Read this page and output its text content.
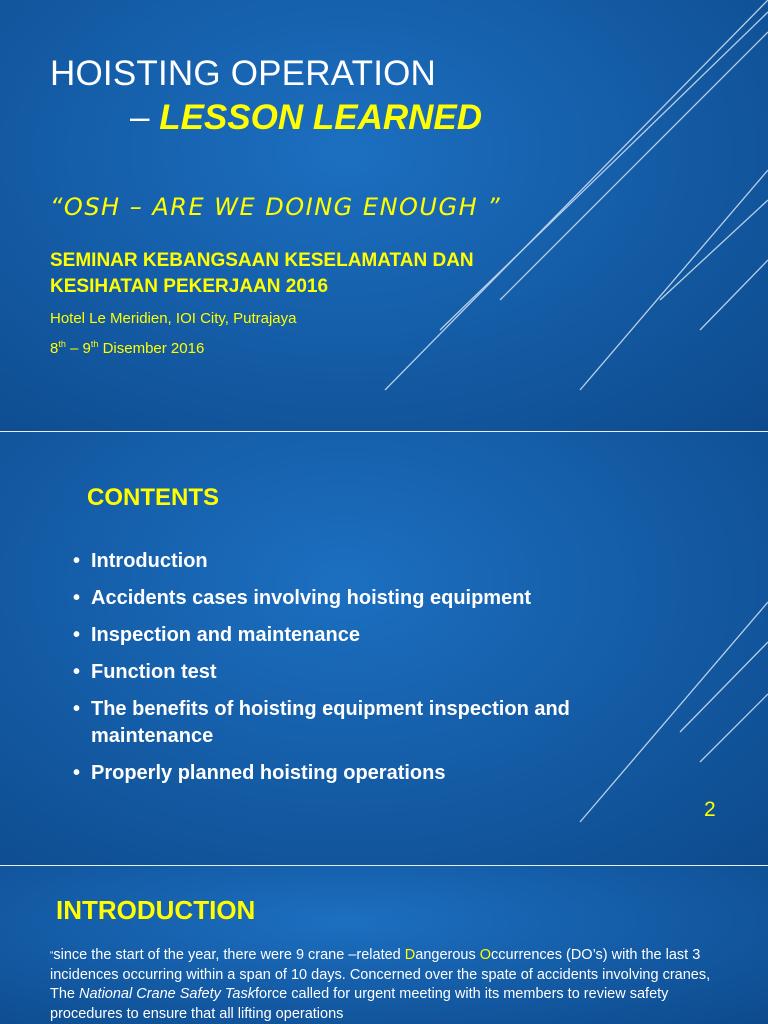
HOISTING OPERATION
– LESSON LEARNED
“OSH – ARE WE DOING ENOUGH ”
SEMINAR KEBANGSAAN KESELAMATAN DAN KESIHATAN PEKERJAAN 2016
Hotel Le Meridien, IOI City, Putrajaya
8th – 9th Disember 2016
CONTENTS
• Introduction
• Accidents cases involving hoisting equipment
• Inspection and maintenance
• Function test
• The benefits of hoisting equipment inspection and maintenance
• Properly planned hoisting operations
2
INTRODUCTION
“since the start of the year, there were 9 crane –related Dangerous Occurrences (DO’s) with the last 3 incidences occurring within a span of 10 days. Concerned over the spate of accidents involving cranes, The National Crane Safety Taskforce called for urgent meeting with its members to review safety procedures to ensure that all lifting operations
